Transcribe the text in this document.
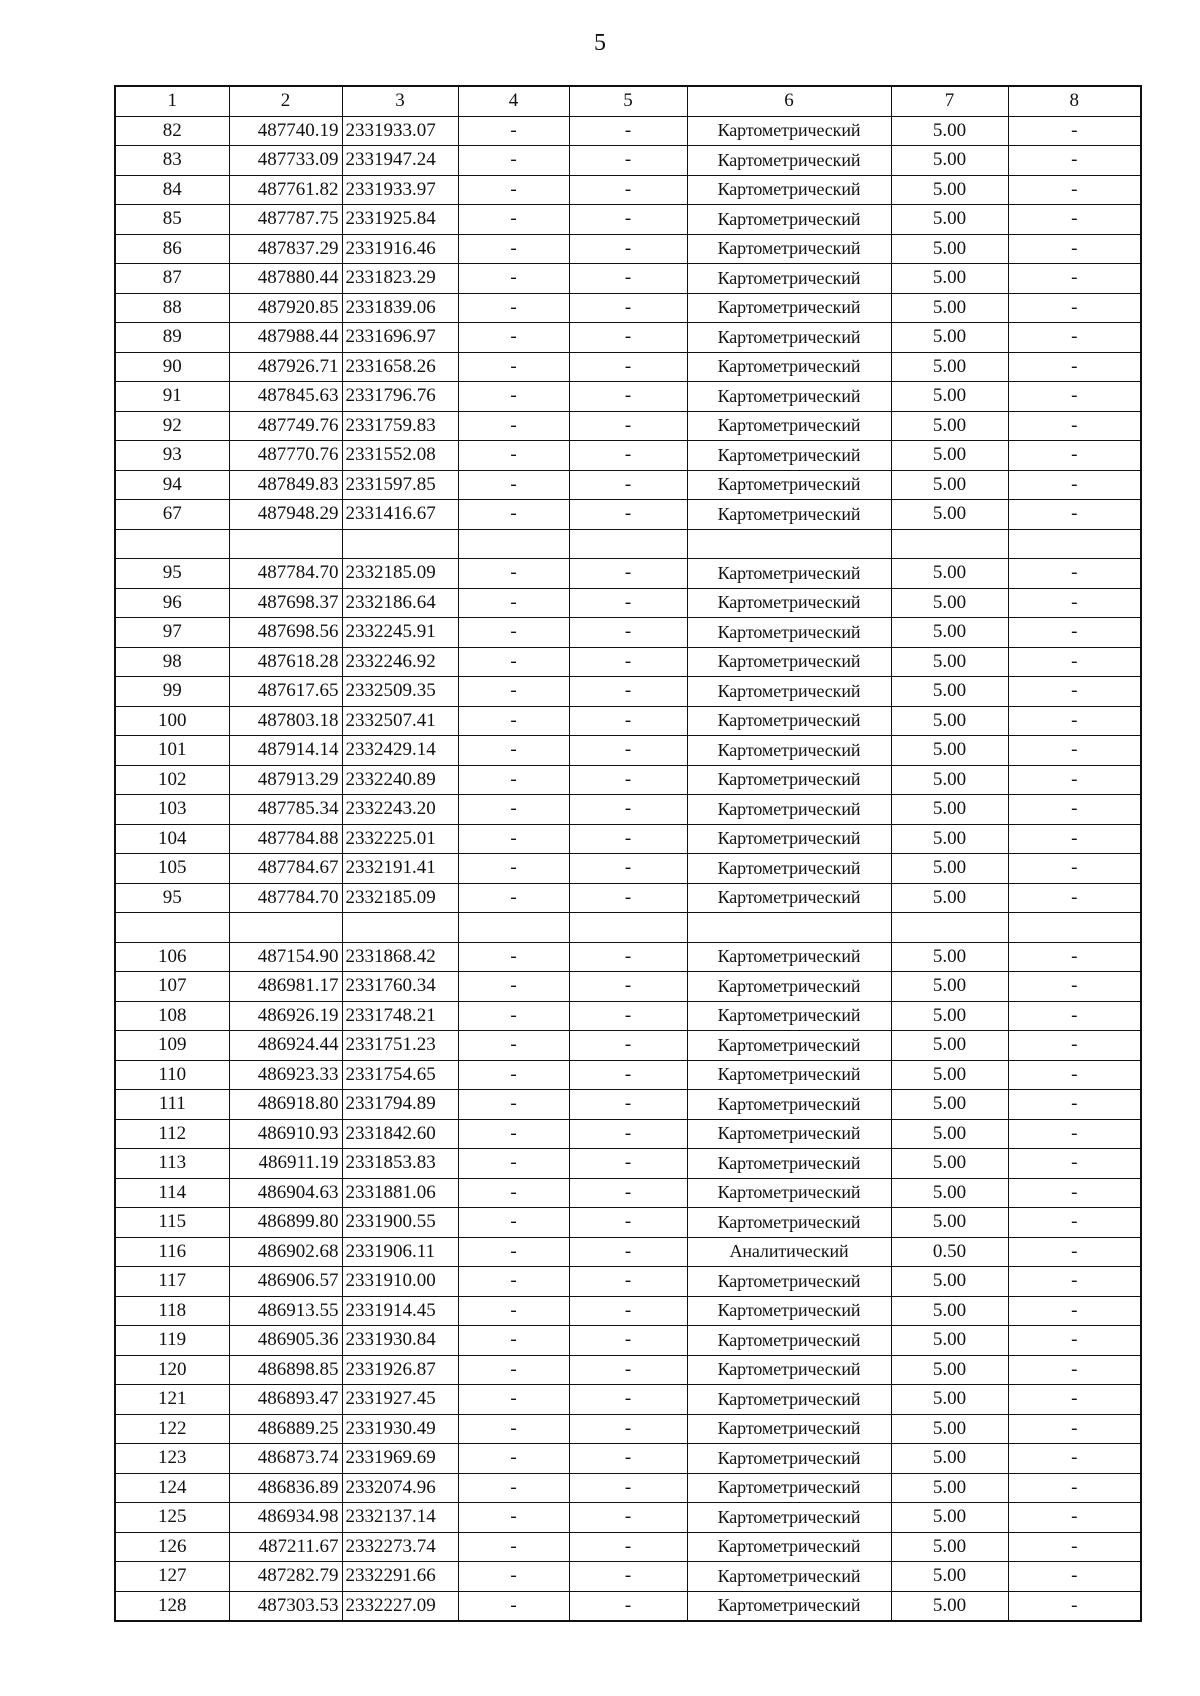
5
1	2	3	4	5	6	7	8
82	487740.19	2331933.07	-	-	Картометрический	5.00	-
83	487733.09	2331947.24	-	-	Картометрический	5.00	-
84	487761.82	2331933.97	-	-	Картометрический	5.00	-
85	487787.75	2331925.84	-	-	Картометрический	5.00	-
86	487837.29	2331916.46	-	-	Картометрический	5.00	-
87	487880.44	2331823.29	-	-	Картометрический	5.00	-
88	487920.85	2331839.06	-	-	Картометрический	5.00	-
89	487988.44	2331696.97	-	-	Картометрический	5.00	-
90	487926.71	2331658.26	-	-	Картометрический	5.00	-
91	487845.63	2331796.76	-	-	Картометрический	5.00	-
92	487749.76	2331759.83	-	-	Картометрический	5.00	-
93	487770.76	2331552.08	-	-	Картометрический	5.00	-
94	487849.83	2331597.85	-	-	Картометрический	5.00	-
67	487948.29	2331416.67	-	-	Картометрический	5.00	-

95	487784.70	2332185.09	-	-	Картометрический	5.00	-
96	487698.37	2332186.64	-	-	Картометрический	5.00	-
97	487698.56	2332245.91	-	-	Картометрический	5.00	-
98	487618.28	2332246.92	-	-	Картометрический	5.00	-
99	487617.65	2332509.35	-	-	Картометрический	5.00	-
100	487803.18	2332507.41	-	-	Картометрический	5.00	-
101	487914.14	2332429.14	-	-	Картометрический	5.00	-
102	487913.29	2332240.89	-	-	Картометрический	5.00	-
103	487785.34	2332243.20	-	-	Картометрический	5.00	-
104	487784.88	2332225.01	-	-	Картометрический	5.00	-
105	487784.67	2332191.41	-	-	Картометрический	5.00	-
95	487784.70	2332185.09	-	-	Картометрический	5.00	-

106	487154.90	2331868.42	-	-	Картометрический	5.00	-
107	486981.17	2331760.34	-	-	Картометрический	5.00	-
108	486926.19	2331748.21	-	-	Картометрический	5.00	-
109	486924.44	2331751.23	-	-	Картометрический	5.00	-
110	486923.33	2331754.65	-	-	Картометрический	5.00	-
111	486918.80	2331794.89	-	-	Картометрический	5.00	-
112	486910.93	2331842.60	-	-	Картометрический	5.00	-
113	486911.19	2331853.83	-	-	Картометрический	5.00	-
114	486904.63	2331881.06	-	-	Картометрический	5.00	-
115	486899.80	2331900.55	-	-	Картометрический	5.00	-
116	486902.68	2331906.11	-	-	Аналитический	0.50	-
117	486906.57	2331910.00	-	-	Картометрический	5.00	-
118	486913.55	2331914.45	-	-	Картометрический	5.00	-
119	486905.36	2331930.84	-	-	Картометрический	5.00	-
120	486898.85	2331926.87	-	-	Картометрический	5.00	-
121	486893.47	2331927.45	-	-	Картометрический	5.00	-
122	486889.25	2331930.49	-	-	Картометрический	5.00	-
123	486873.74	2331969.69	-	-	Картометрический	5.00	-
124	486836.89	2332074.96	-	-	Картометрический	5.00	-
125	486934.98	2332137.14	-	-	Картометрический	5.00	-
126	487211.67	2332273.74	-	-	Картометрический	5.00	-
127	487282.79	2332291.66	-	-	Картометрический	5.00	-
128	487303.53	2332227.09	-	-	Картометрический	5.00	-
